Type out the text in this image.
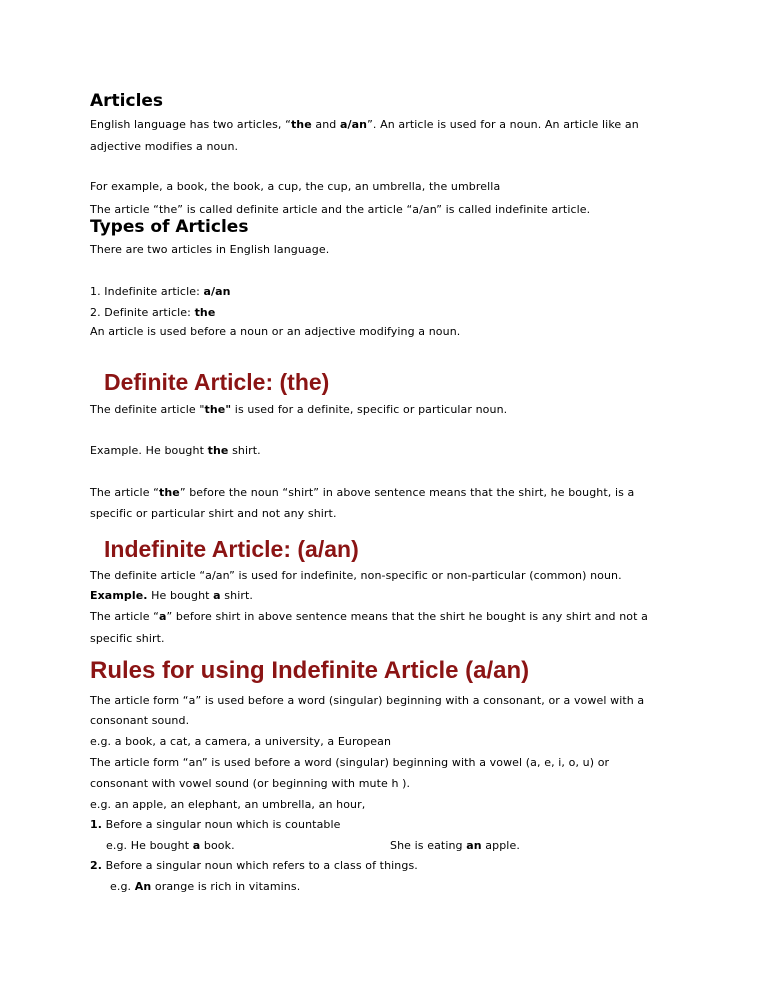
Articles
English language has two articles, “the and a/an”. An article is used for a noun. An article like an
adjective modifies a noun.
For example, a book, the book, a cup, the cup, an umbrella, the umbrella
The article “the” is called definite article and the article “a/an” is called indefinite article.
Types of Articles
There are two articles in English language.
1. Indefinite article: a/an
2. Definite article: the
An article is used before a noun or an adjective modifying a noun.
Definite Article: (the)
The definite article "the" is used for a definite, specific or particular noun.
Example. He bought the shirt.
The article “the” before the noun “shirt” in above sentence means that the shirt, he bought, is a
specific or particular shirt and not any shirt.
Indefinite Article: (a/an)
The definite article “a/an” is used for indefinite, non-specific or non-particular (common) noun.
Example. He bought a shirt.
The article “a” before shirt in above sentence means that the shirt he bought is any shirt and not a
specific shirt.
Rules for using Indefinite Article (a/an)
The article form “a” is used before a word (singular) beginning with a consonant, or a vowel with a
consonant sound.
e.g. a book, a cat, a camera, a university, a European
The article form “an” is used before a word (singular) beginning with a vowel (a, e, i, o, u) or
consonant with vowel sound (or beginning with mute h ).
e.g. an apple, an elephant, an umbrella, an hour,
1. Before a singular noun which is countable
e.g. He bought a book.	She is eating an apple.
2. Before a singular noun which refers to a class of things.
e.g. An orange is rich in vitamins.
